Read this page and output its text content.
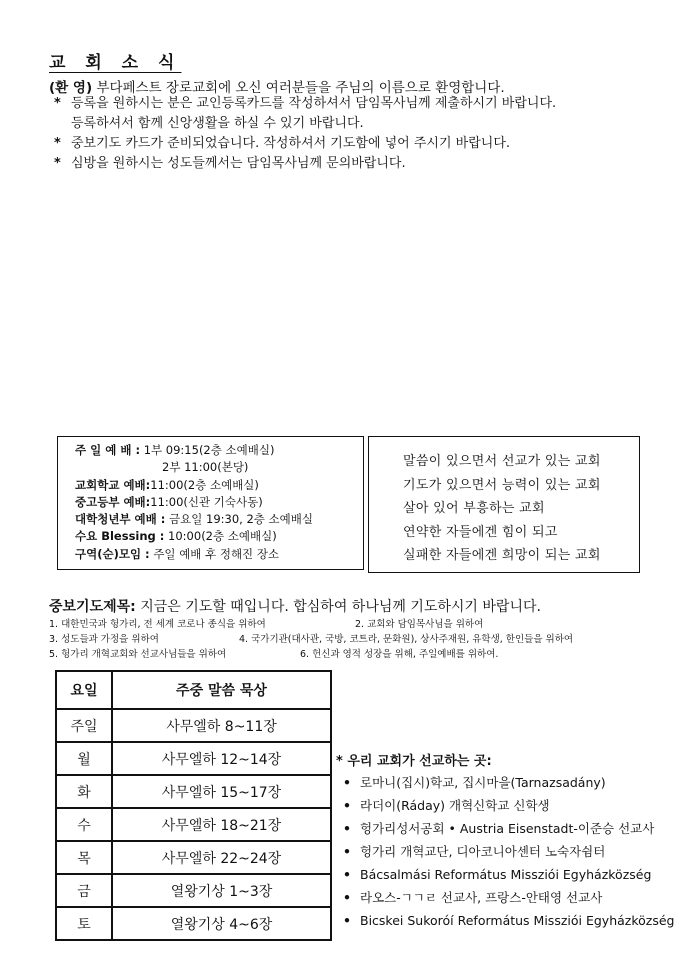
교 회 소 식
(환 영) 부다페스트 장로교회에 오신 여러분들을 주님의 이름으로 환영합니다.
* 등록을 원하시는 분은 교인등록카드를 작성하셔서 담임목사님께 제출하시기 바랍니다.
등록하셔서 함께 신앙생활을 하실 수 있기 바랍니다.
* 중보기도 카드가 준비되었습니다. 작성하셔서 기도함에 넣어 주시기 바랍니다.
* 심방을 원하시는 성도들께서는 담임목사님께 문의바랍니다.
주 일 예 배 : 1부 09:15(2층 소예배실)
2부 11:00(본당)
교회학교 예배:11:00(2층 소예배실)
중고등부 예배:11:00(신관 기숙사동)
대학청년부 예배 : 금요일 19:30, 2층 소예배실
수요 Blessing : 10:00(2층 소예배실)
구역(순)모임 : 주일 예배 후 정해진 장소
말씀이 있으면서 선교가 있는 교회
기도가 있으면서 능력이 있는 교회
살아 있어 부흥하는 교회
연약한 자들에겐 힘이 되고
실패한 자들에겐 희망이 되는 교회
중보기도제목: 지금은 기도할 때입니다. 합심하여 하나님께 기도하시기 바랍니다.
1. 대한민국과 헝가리, 전 세계 코로나 종식을 위하여	2. 교회와 담임목사님을 위하여
3. 성도들과 가정을 위하여	4. 국가기관(대사관, 국방, 코트라, 문화원), 상사주재원, 유학생, 한인들을 위하여
5. 헝가리 개혁교회와 선교사님들을 위하여	6. 헌신과 영적 성장을 위해, 주일예배를 위하여.
요일	주중 말씀 묵상
주일	사무엘하 8~11장
월	사무엘하 12~14장
화	사무엘하 15~17장
수	사무엘하 18~21장
목	사무엘하 22~24장
금	열왕기상 1~3장
토	열왕기상 4~6장
* 우리 교회가 선교하는 곳:
• 로마니(집시)학교, 집시마을(Tarnazsadány)
• 라더이(Ráday) 개혁신학교 신학생
• 헝가리성서공회 • Austria Eisenstadt-이준승 선교사
• 헝가리 개혁교단, 디아코니아센터 노숙자쉼터
• Bácsalmási Református Missziói Egyházközség
• 라오스-ㄱㄱㄹ 선교사, 프랑스-안태영 선교사
• Bicskei Sukoróí Református Missziói Egyházközség
